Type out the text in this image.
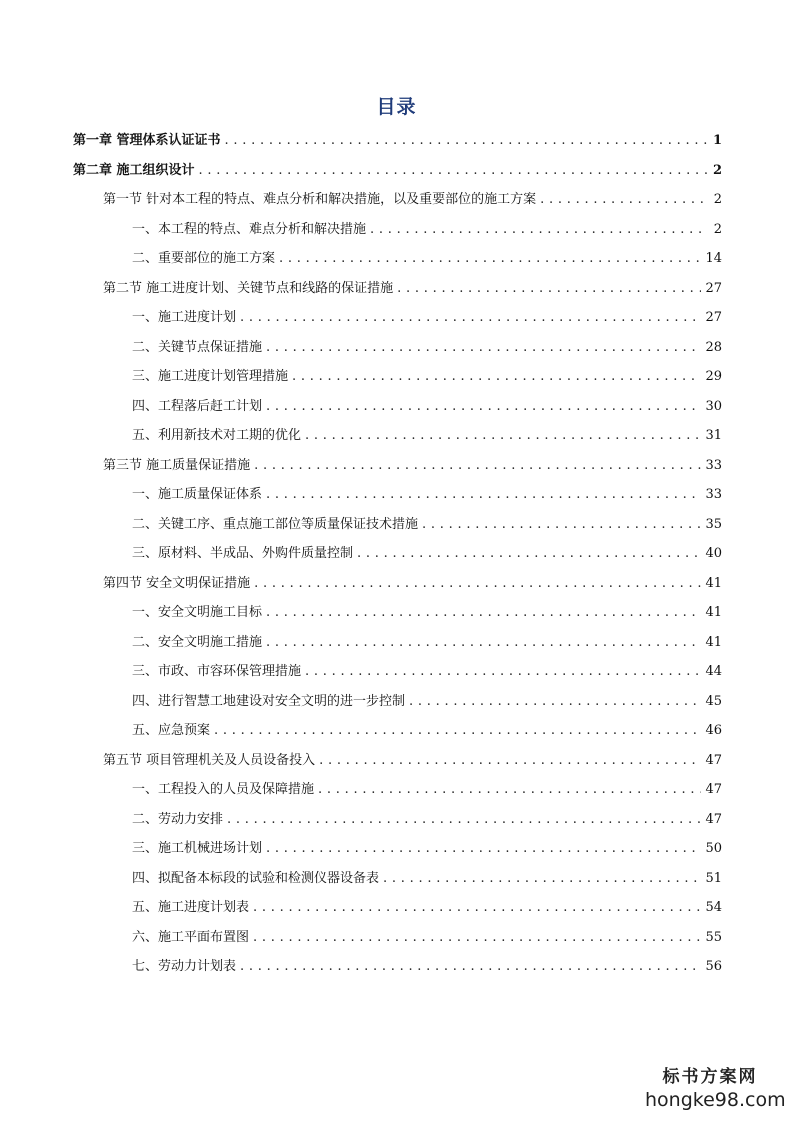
目录
第一章 管理体系认证证书 . . .	1
第二章 施工组织设计 . . .	2
第一节 针对本工程的特点、难点分析和解决措施，以及重要部位的施工方案 . . .	2
一、本工程的特点、难点分析和解决措施 . . .	2
二、重要部位的施工方案 . . .	14
第二节 施工进度计划、关键节点和线路的保证措施 . . .	27
一、施工进度计划 . . .	27
二、关键节点保证措施 . . .	28
三、施工进度计划管理措施 . . .	29
四、工程落后赶工计划 . . .	30
五、利用新技术对工期的优化 . . .	31
第三节 施工质量保证措施 . . .	33
一、施工质量保证体系 . . .	33
二、关键工序、重点施工部位等质量保证技术措施 . . .	35
三、原材料、半成品、外购件质量控制 . . .	40
第四节 安全文明保证措施 . . .	41
一、安全文明施工目标 . . .	41
二、安全文明施工措施 . . .	41
三、市政、市容环保管理措施 . . .	44
四、进行智慧工地建设对安全文明的进一步控制 . . .	45
五、应急预案 . . .	46
第五节 项目管理机关及人员设备投入 . . .	47
一、工程投入的人员及保障措施 . . .	47
二、劳动力安排 . . .	47
三、施工机械进场计划 . . .	50
四、拟配备本标段的试验和检测仪器设备表 . . .	51
五、施工进度计划表 . . .	54
六、施工平面布置图 . . .	55
七、劳动力计划表 . . .	56
标书方案网
hongke98.com
